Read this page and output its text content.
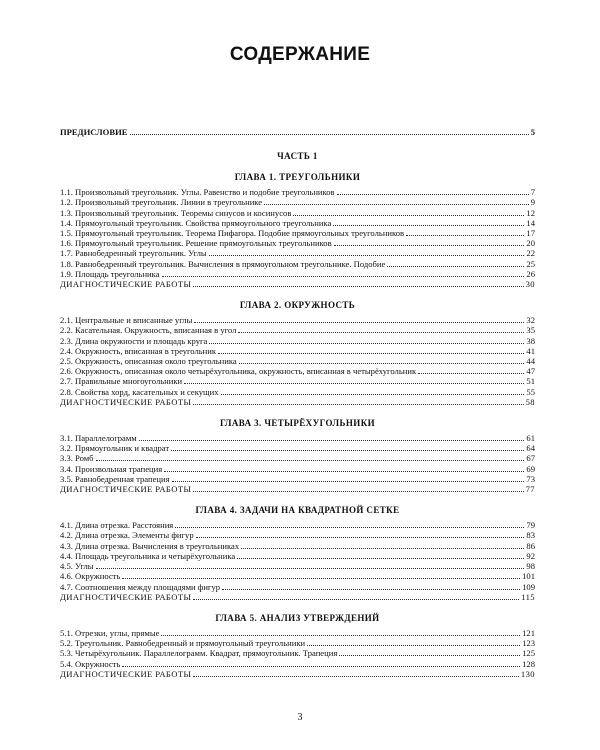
СОДЕРЖАНИЕ
ПРЕДИСЛОВИЕ	5
ЧАСТЬ 1
ГЛАВА 1. ТРЕУГОЛЬНИКИ
1.1. Произвольный треугольник. Углы. Равенство и подобие треугольников	7
1.2. Произвольный треугольник. Линии в треугольнике	9
1.3. Произвольный треугольник. Теоремы синусов и косинусов	12
1.4. Прямоугольный треугольник. Свойства прямоугольного треугольника	14
1.5. Прямоугольный треугольник. Теорема Пифагора. Подобие прямоугольных треугольников	17
1.6. Прямоугольный треугольник. Решение прямоугольных треугольников	20
1.7. Равнобедренный треугольник. Углы	22
1.8. Равнобедренный треугольник. Вычисления в прямоугольном треугольнике. Подобие	25
1.9. Площадь треугольника	26
ДИАГНОСТИЧЕСКИЕ РАБОТЫ	30
ГЛАВА 2. ОКРУЖНОСТЬ
2.1. Центральные и вписанные углы	32
2.2. Касательная. Окружность, вписанная в угол	35
2.3. Длина окружности и площадь круга	38
2.4. Окружность, вписанная в треугольник	41
2.5. Окружность, описанная около треугольника	44
2.6. Окружность, описанная около четырёхугольника, окружность, вписанная в четырёхугольник	47
2.7. Правильные многоугольники	51
2.8. Свойства хорд, касательных и секущих	55
ДИАГНОСТИЧЕСКИЕ РАБОТЫ	58
ГЛАВА 3. ЧЕТЫРЁХУГОЛЬНИКИ
3.1. Параллелограмм	61
3.2. Прямоугольник и квадрат	64
3.3. Ромб	67
3.4. Произвольная трапеция	69
3.5. Равнобедренная трапеция	73
ДИАГНОСТИЧЕСКИЕ РАБОТЫ	77
ГЛАВА 4. ЗАДАЧИ НА КВАДРАТНОЙ СЕТКЕ
4.1. Длина отрезка. Расстояния	79
4.2. Длина отрезка. Элементы фигур	83
4.3. Длина отрезка. Вычисления в треугольниках	86
4.4. Площадь треугольника и четырёхугольника	92
4.5. Углы	98
4.6. Окружность	101
4.7. Соотношения между площадями фигур	109
ДИАГНОСТИЧЕСКИЕ РАБОТЫ	115
ГЛАВА 5. АНАЛИЗ УТВЕРЖДЕНИЙ
5.1. Отрезки, углы, прямые	121
5.2. Треугольник. Равнобедренный и прямоугольный треугольники	123
5.3. Четырёхугольник. Параллелограмм. Квадрат, прямоугольник. Трапеция	125
5.4. Окружность	128
ДИАГНОСТИЧЕСКИЕ РАБОТЫ	130
3
